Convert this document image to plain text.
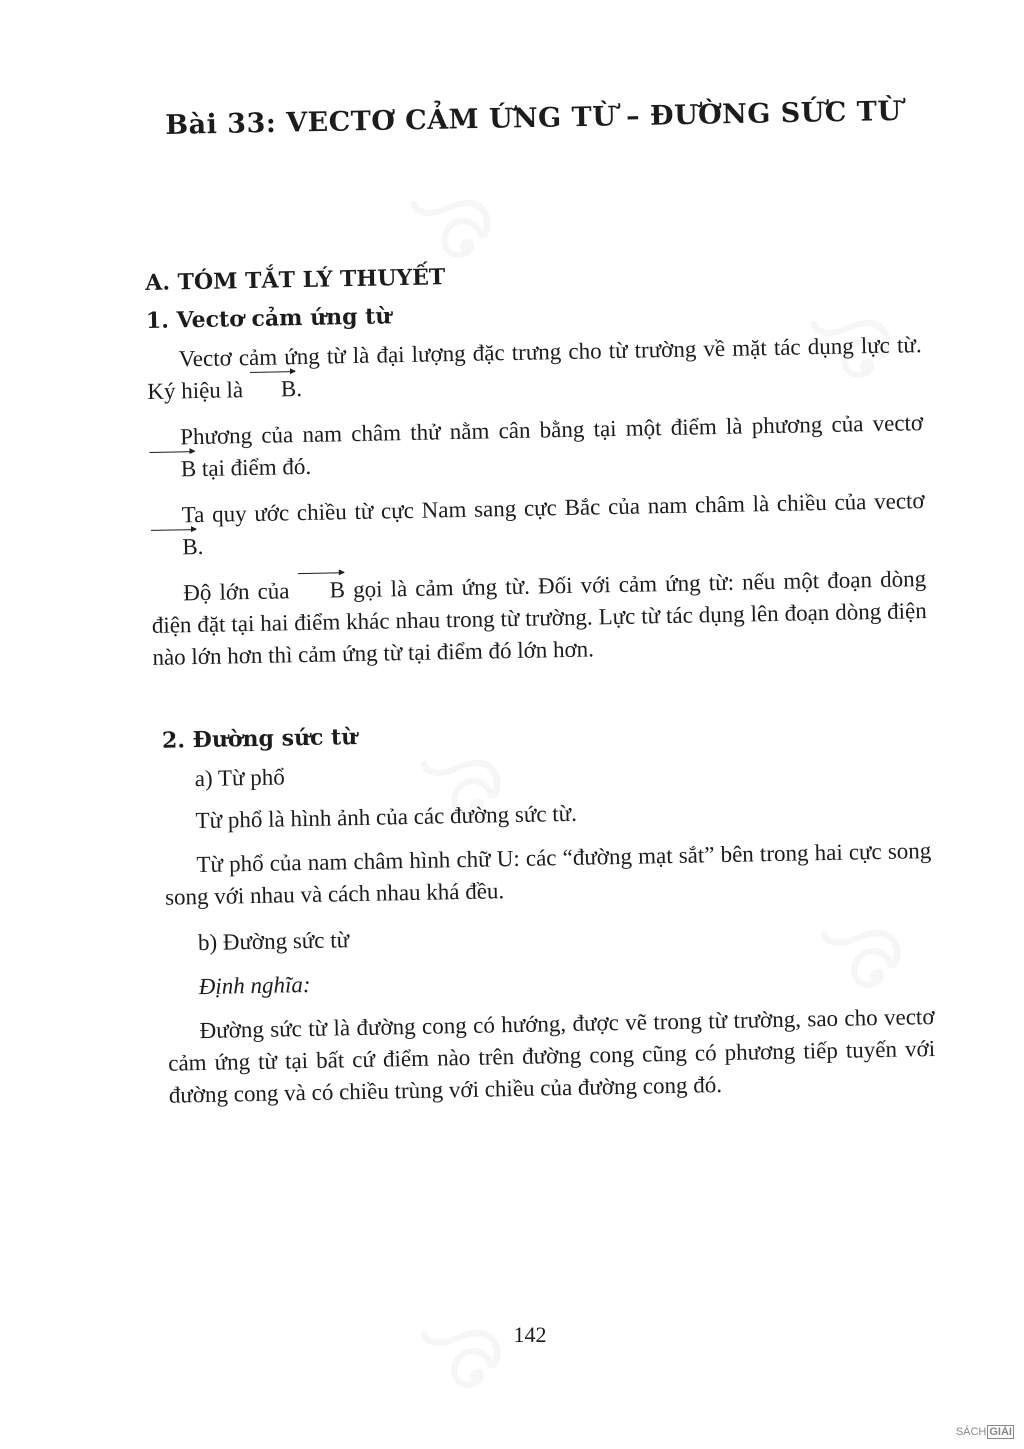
Bài 33: VECTƠ CẢM ỨNG TỪ – ĐƯỜNG SỨC TỪ
A. TÓM TẮT LÝ THUYẾT
1. Vectơ cảm ứng từ

Vectơ cảm ứng từ là đại lượng đặc trưng cho từ trường về mặt tác dụng lực từ. Ký hiệu là B.

Phương của nam châm thử nằm cân bằng tại một điểm là phương của vectơ B tại điểm đó.

Ta quy ước chiều từ cực Nam sang cực Bắc của nam châm là chiều của vectơ B.

Độ lớn của B gọi là cảm ứng từ. Đối với cảm ứng từ: nếu một đoạn dòng điện đặt tại hai điểm khác nhau trong từ trường. Lực từ tác dụng lên đoạn dòng điện nào lớn hơn thì cảm ứng từ tại điểm đó lớn hơn.

2. Đường sức từ

a) Từ phổ

Từ phổ là hình ảnh của các đường sức từ.

Từ phổ của nam châm hình chữ U: các “đường mạt sắt” bên trong hai cực song song với nhau và cách nhau khá đều.

b) Đường sức từ

Định nghĩa:

Đường sức từ là đường cong có hướng, được vẽ trong từ trường, sao cho vectơ cảm ứng từ tại bất cứ điểm nào trên đường cong cũng có phương tiếp tuyến với đường cong và có chiều trùng với chiều của đường cong đó.

142
SÁCH GIẢI
